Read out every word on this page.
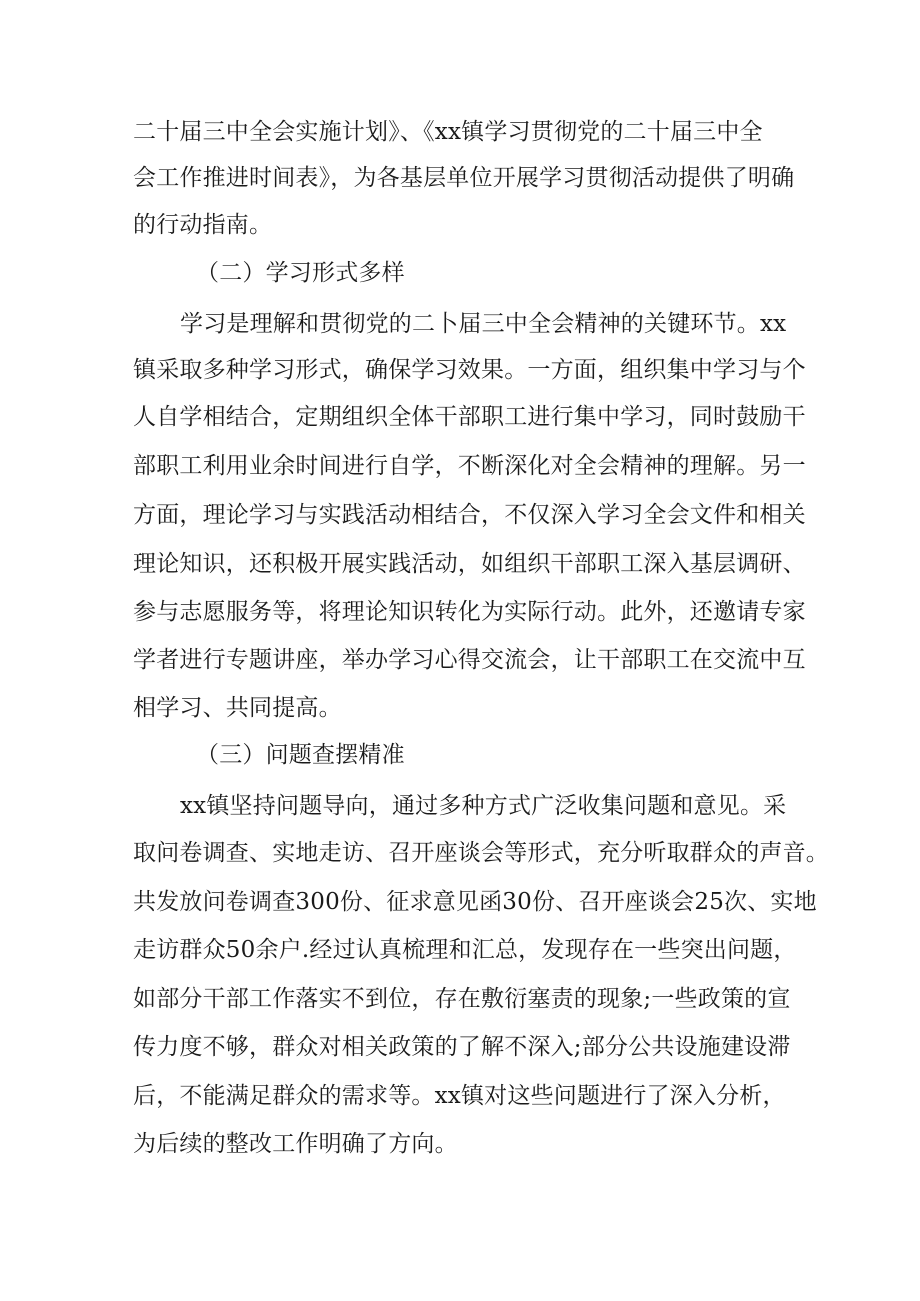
二十届三中全会实施计划》、《xx镇学习贯彻党的二十届三中全
会工作推进时间表》，为各基层单位开展学习贯彻活动提供了明确
的行动指南。
（二）学习形式多样
学习是理解和贯彻党的二卜届三中全会精神的关键环节。xx
镇采取多种学习形式，确保学习效果。一方面，组织集中学习与个
人自学相结合，定期组织全体干部职工进行集中学习，同时鼓励干
部职工利用业余时间进行自学，不断深化对全会精神的理解。另一
方面，理论学习与实践活动相结合，不仅深入学习全会文件和相关
理论知识，还积极开展实践活动，如组织干部职工深入基层调研、
参与志愿服务等，将理论知识转化为实际行动。此外，还邀请专家
学者进行专题讲座，举办学习心得交流会，让干部职工在交流中互
相学习、共同提高。
（三）问题查摆精准
xx镇坚持问题导向，通过多种方式广泛收集问题和意见。采
取问卷调查、实地走访、召开座谈会等形式，充分听取群众的声音。
共发放问卷调查300份、征求意见函30份、召开座谈会25次、实地
走访群众50余户.经过认真梳理和汇总，发现存在一些突出问题，
如部分干部工作落实不到位，存在敷衍塞责的现象;一些政策的宣
传力度不够，群众对相关政策的了解不深入;部分公共设施建设滞
后，不能满足群众的需求等。xx镇对这些问题进行了深入分析，
为后续的整改工作明确了方向。
